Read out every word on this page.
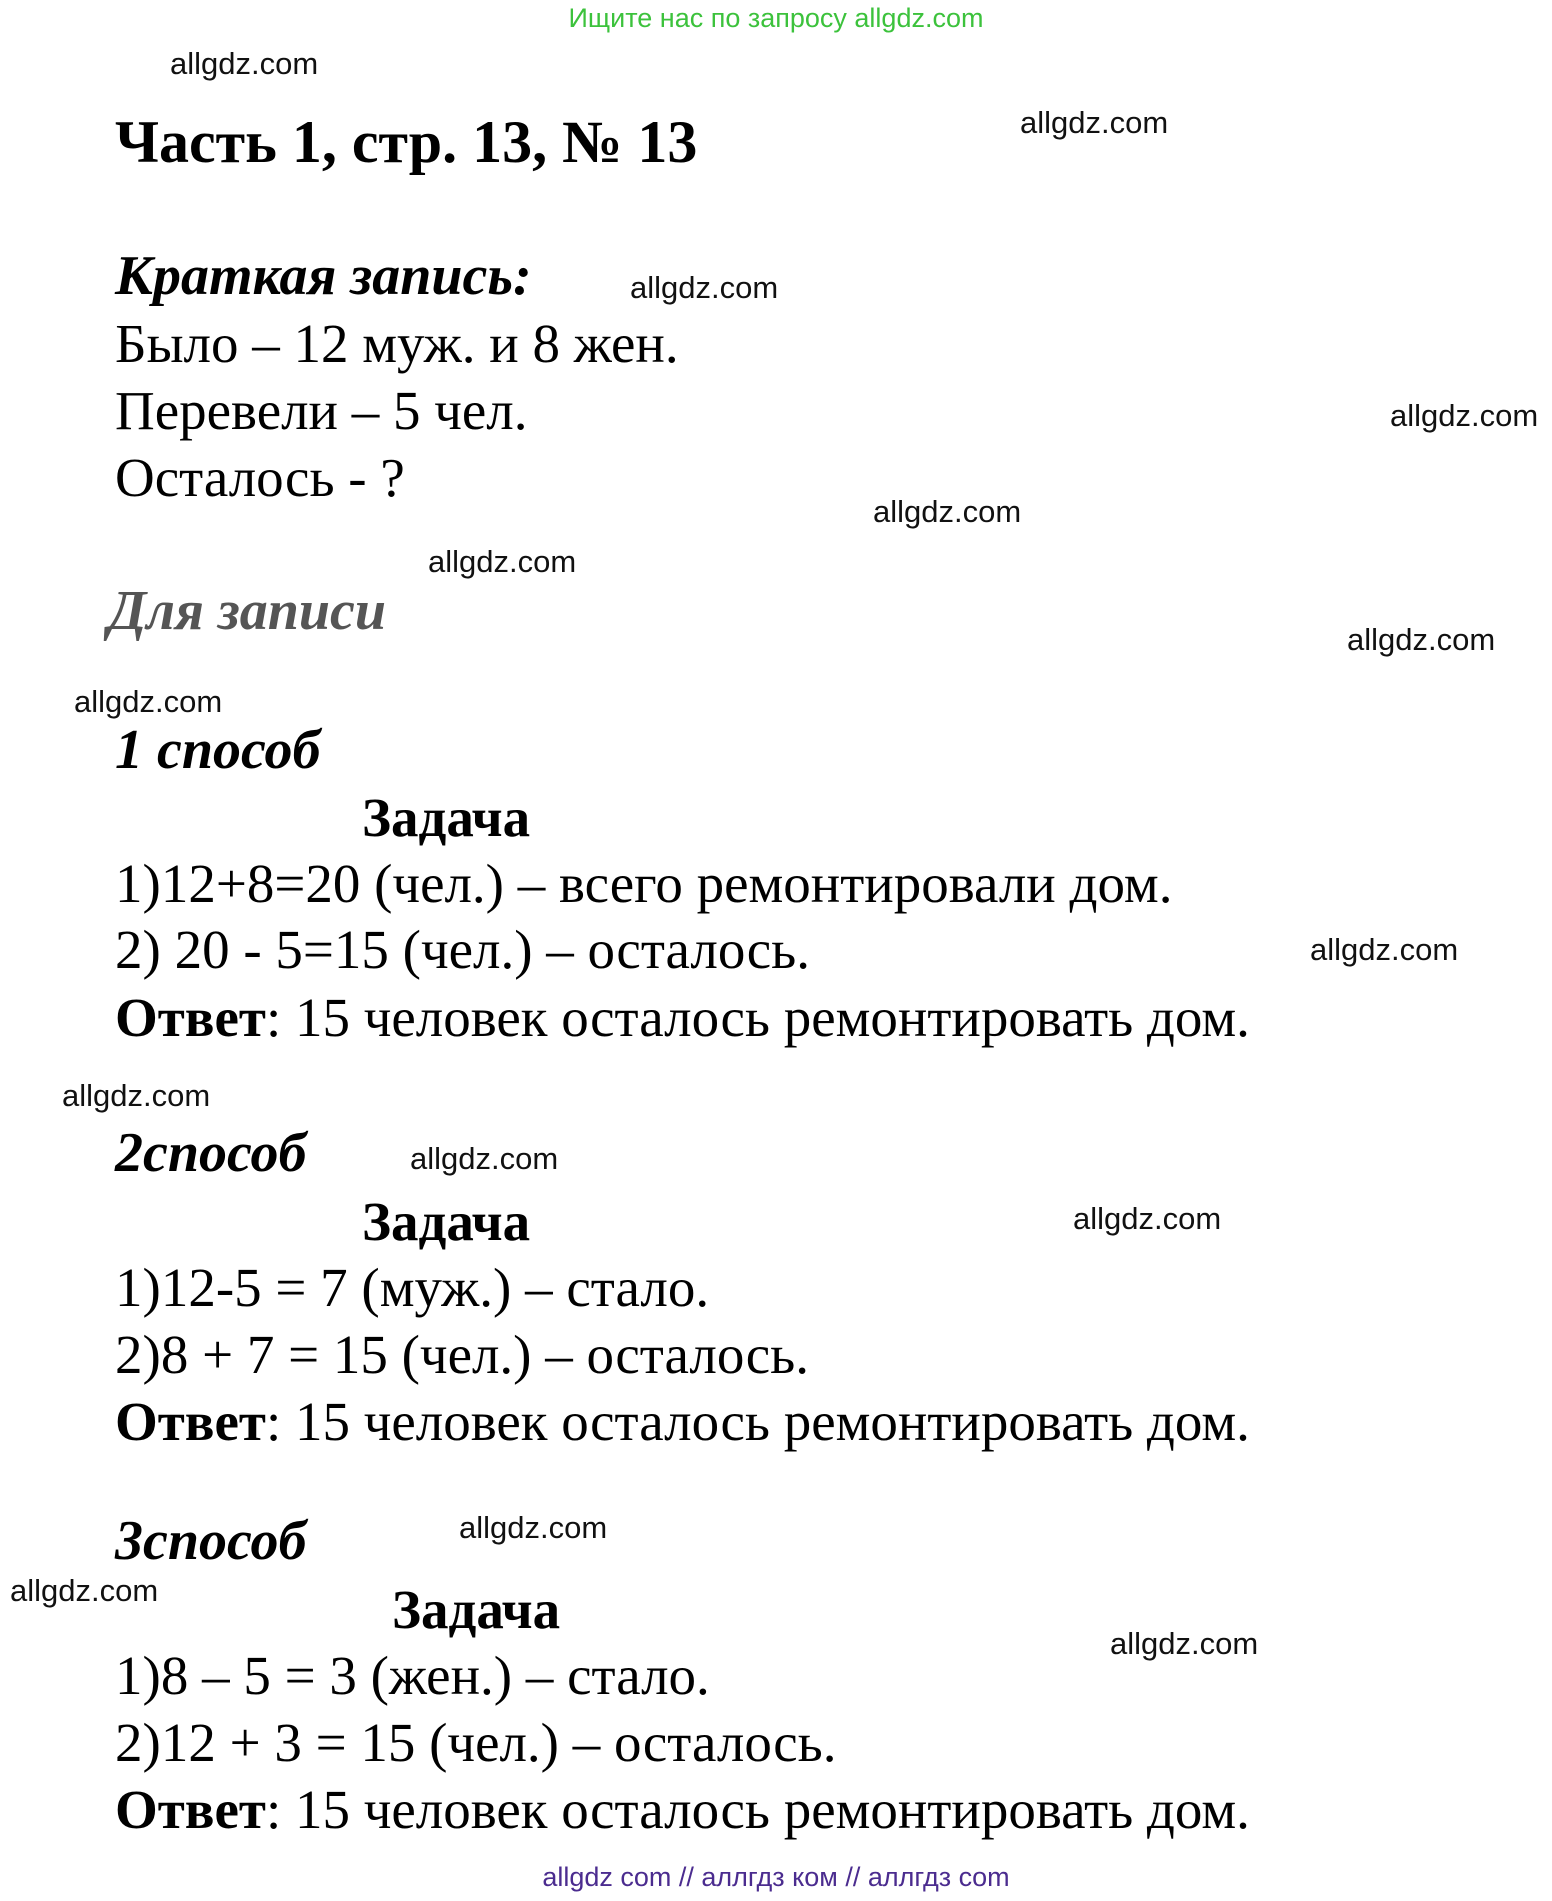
Ищите нас по запросу allgdz.com
allgdz.com
allgdz.com
allgdz.com
allgdz.com
allgdz.com
allgdz.com
allgdz.com
allgdz.com
allgdz.com
allgdz.com
allgdz.com
allgdz.com
allgdz.com
allgdz.com
allgdz.com
Часть 1, стр. 13, № 13
Краткая запись:
Было – 12 муж. и 8 жен.
Перевели – 5 чел.
Осталось - ?
Для записи
1 способ
Задача
1)12+8=20 (чел.) – всего ремонтировали дом.
2) 20 - 5=15 (чел.) – осталось.
Ответ: 15 человек осталось ремонтировать дом.
2способ
Задача
1)12-5 = 7 (муж.) – стало.
2)8 + 7 = 15 (чел.) – осталось.
Ответ: 15 человек осталось ремонтировать дом.
3способ
Задача
1)8 – 5 = 3 (жен.) – стало.
2)12 + 3 = 15 (чел.) – осталось.
Ответ: 15 человек осталось ремонтировать дом.
allgdz com // аллгдз ком // аллгдз com
